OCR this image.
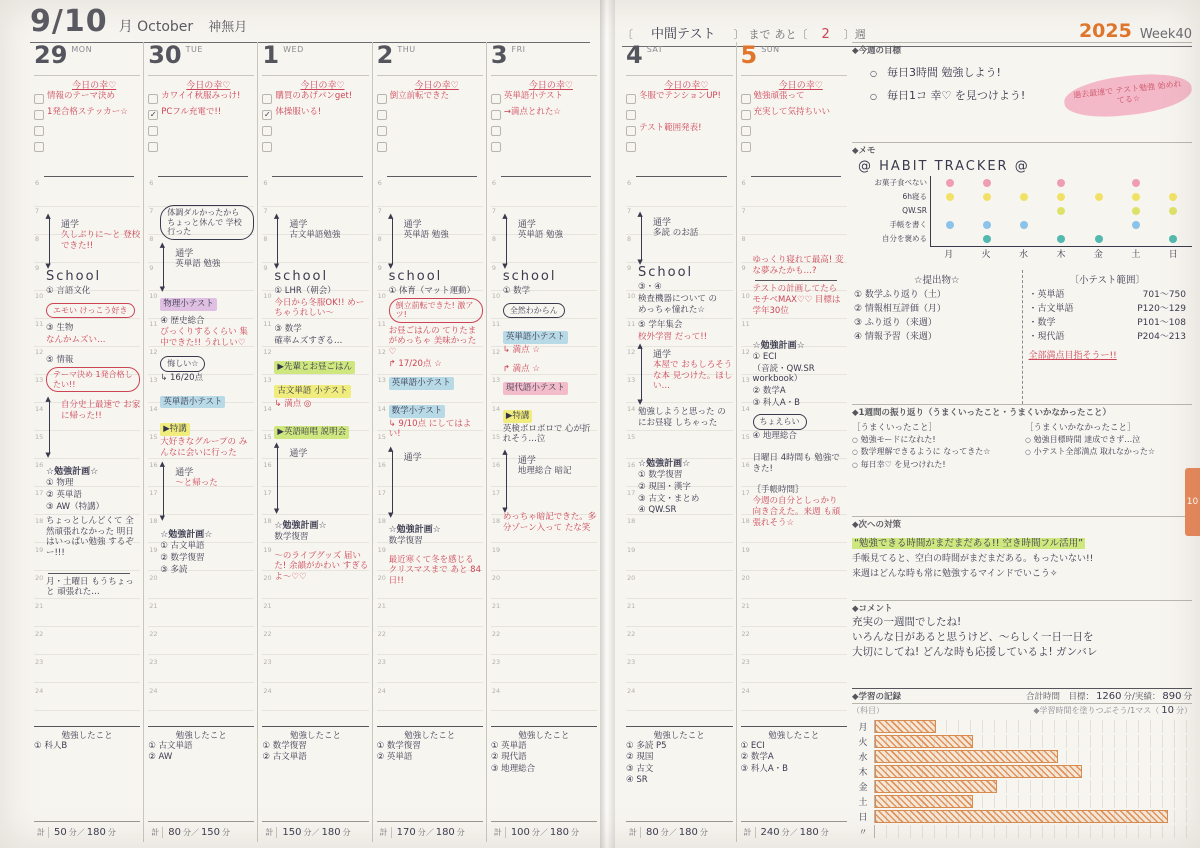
9/10 月 October 神無月
29 MON
今日の幸♡
情報のテーマ決め
1発合格ステッカー☆
6
7
8
9
10
11
12
13
14
15
16
17
18
19
20
21
22
23
24
▲ ▼
通学
久しぶりに～と 登校できた!!
School
① 言語文化
エモい けっこう好き
③ 生物
なんかムズい…
⑤ 情報
テーマ決め 1発合格したい!!
▲ ▼
自分史上最速で お家に帰った!!
☆勉強計画☆
① 物理
② 英単語
③ AW（特講）
ちょっとしんどくて 全然頑張れなかった 明日はいっぱい勉強 するぞー!!!
月・土曜日 もうちょっと 頑張れた…
勉強したこと
① 科人B
計 50 分／ 180 分
30 TUE
今日の幸♡
カワイイ秋服みっけ!
✓ PCフル充電で!!
6
7
8
9
10
11
12
13
14
15
16
17
18
19
20
21
22
23
24
体調ダルかったから ちょっと休んで 学校行った
▲ ▼
通学
英単語 勉強
物理小テスト
④ 歴史総合
びっくりするくらい 集中できた!! うれしい♡
悔しい☆
↳ 16/20点
英単語小テスト
▶特講
大好きなグループの みんなに会いに行った
▲ ▼
通学
～と帰った
☆勉強計画☆
① 古文単語
② 数学復習
③ 多読
勉強したこと
① 古文単語
② AW
計 80 分／ 150 分
1 WED
今日の幸♡
購買のあげパンget!
✓ 体操服いる!
6
7
8
9
10
11
12
13
14
15
16
17
18
19
20
21
22
23
24
▲ ▼
通学
古文単語勉強
school
① LHR（朝会）
今日から冬服OK!! めーちゃうれしい〜
③ 数学
確率ムズすぎる…
▶先輩とお昼ごはん
古文単語 小テスト
↳ 満点 ◎
▶英語暗唱 説明会
▲ ▼
通学
☆勉強計画☆
数学復習
～のライブグッズ 届いた! 余韻がかわい すぎるよ〜♡♡
勉強したこと
① 数学復習
② 古文単語
計 150 分／ 180 分
2 THU
今日の幸♡
倒立前転できた
6
7
8
9
10
11
12
13
14
15
16
17
18
19
20
21
22
23
24
▲ ▼
通学
英単語 勉強
school
① 体育（マット運動）
倒立前転できた! 激アツ!
お昼ごはんの てりたまがめっちゃ 美味かった♡
↱ 17/20点 ☆
英単語小テスト
数学小テスト
↳ 9/10点 にしてはよい!
▲ ▼
通学
☆勉強計画☆
数学復習
最近寒くて冬を感じる クリスマスまで あと 84 日!!
勉強したこと
① 数学復習
② 英単語
計 170 分／ 180 分
3 FRI
今日の幸♡
英単語小テスト
→満点とれた☆
6
7
8
9
10
11
12
13
14
15
16
17
18
19
20
21
22
23
24
▲ ▼
通学
英単語 勉強
school
① 数学
全然わからん
英単語小テスト
↳ 満点 ☆
↱ 満点 ☆
現代語小テスト
▶特講
英検ボロボロで 心が折れそう…泣
▲ ▼
通学
地理総合 暗記
めっちゃ暗記できた。多分ゾーン入って たな笑
勉強したこと
① 英単語
② 現代語
③ 地理総合
計 100 分／ 180 分
〔 中間テスト 〕 まで あと〔 2 〕週	2025 Week40
4 SAT
今日の幸♡
冬服でテンションUP!
テスト範囲発表!
6
7
8
9
10
11
12
13
14
15
16
17
18
19
20
21
22
23
24
▲ ▼
通学
多読 のお話
School
③・④
検査機器について の
めっちゃ憧れた☆
⑤ 学年集会
校外学習 だって!!
▲ ▼
通学
本屋で おもしろそうな本 見つけた。ほしい…
勉強しようと思った のにお昼寝 しちゃった
☆勉強計画☆
① 数学復習
② 現国・漢字
③ 古文・まとめ
④ QW.SR
勉強したこと
① 多読 P5
② 現国
③ 古文
④ SR
計 80 分／ 180 分
5 SUN
今日の幸♡
勉強頑張って
充実して気持ちいい
6
7
8
9
10
11
12
13
14
15
16
17
18
19
20
21
22
23
24
ゆっくり寝れて最高! 変な夢みたかも…?
テストの計画してたら モチベMAX♡♡ 目標は学年30位
☆勉強計画☆
① ECⅠ
（音読・QW.SR workbook）
② 数学A
③ 科人A・B
ちょえらい
④ 地理総合
日曜日 4時間も 勉強できた!
｛手帳時間｝
今週の自分としっかり 向き合えた。来週 も頑張れそう☆
勉強したこと
① ECⅠ
② 数学A
③ 科人A・B
計 240 分／ 180 分
◆今週の目標
○ 毎日3時間 勉強しよう!
○ 毎日1コ 幸♡ を見つけよう!	過去最速で テスト勉強 始めれてる☆
◆メモ
@ HABIT TRACKER @
お菓子食べない
6h寝る
QW.SR
手帳を書く
自分を褒める
月	火	水	木	金	土	日
☆提出物☆
① 数学ふり返り（土）
② 情報相互評価（月）
③ ふり返り（来週）
④ 情報予習（来週）
〔小テスト範囲〕
・英単語	701〜750
・古文単語	P120〜129
・数学	P101〜108
・現代語	P204〜213
全部満点目指そうー!!
◆1週間の振り返り（うまくいったこと・うまくいかなかったこと）
［うまくいったこと］
○ 勉強モードになれた!
○ 数学理解できるように なってきた☆
○ 毎日幸♡ を見つけれた!
［うまくいかなかったこと］
○ 勉強目標時間 達成できず…泣
○ 小テスト全部満点 取れなかった☆
◆次への対策
“勉強できる時間がまだまだある!! 空き時間フル活用”
手帳見てると、空白の時間がまだまだある。もったいない!!
来週はどんな時も常に勉強するマインドでいこう✧
◆コメント
充実の一週間でしたね!
いろんな日があると思うけど、～らしく一日一日を
大切にしてね! どんな時も応援しているよ! ガンバレ
◆学習の記録	合計時間　目標： 1260 分/実績： 890 分
（科目）	◆学習時間を塗りつぶそう/1マス（ 10 分）
月
火
水
木
金
土
日
〃
10
